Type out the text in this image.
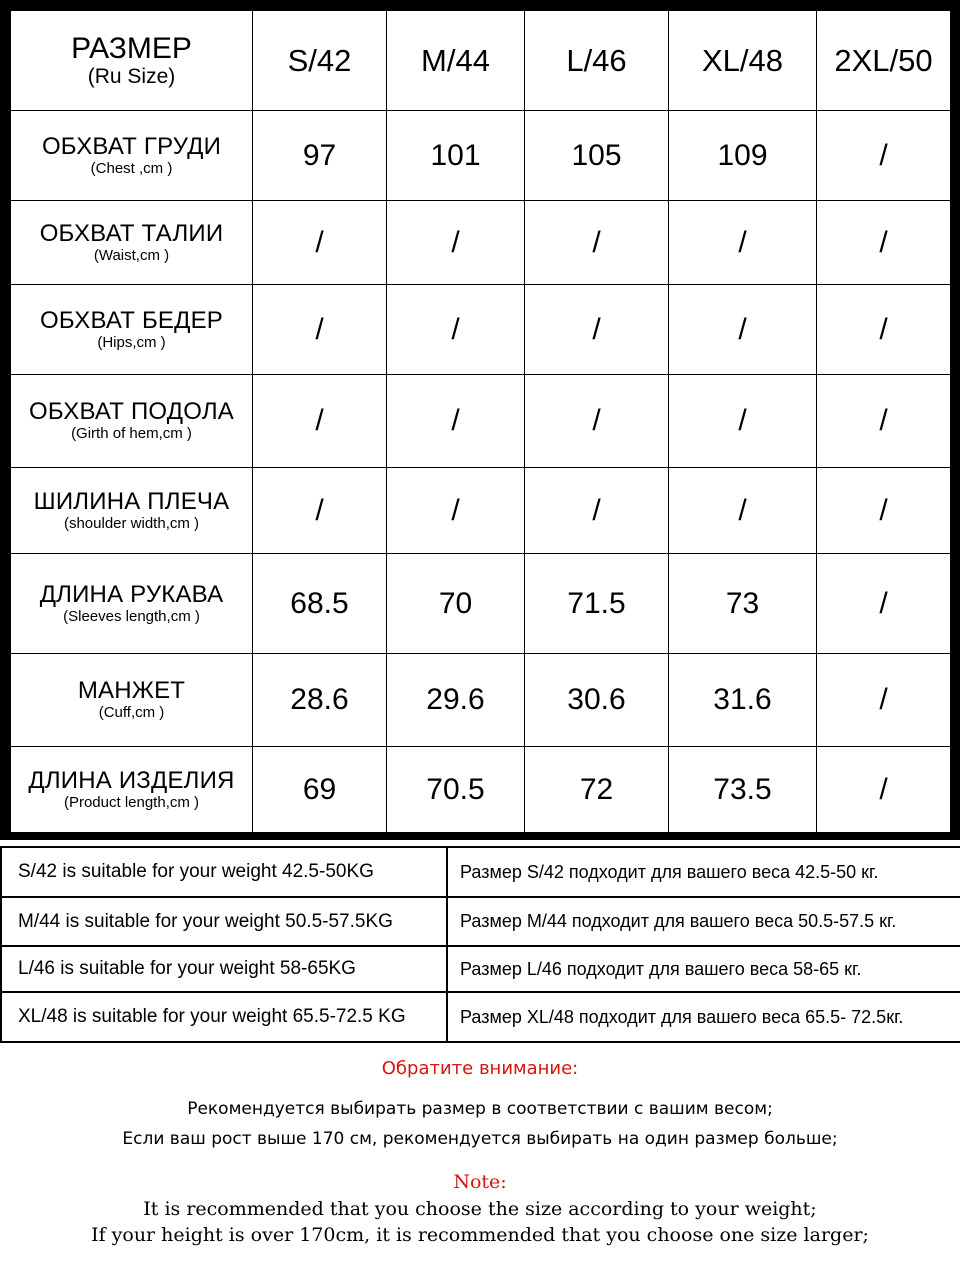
РАЗМЕР
(Ru Size)	S/42	M/44	L/46	XL/48	2XL/50

ОБХВАТ ГРУДИ
(Chest ,cm )	97	101	105	109	/

ОБХВАТ ТАЛИИ
(Waist,cm )	/	/	/	/	/

ОБХВАТ БЕДЕР
(Hips,cm )	/	/	/	/	/

ОБХВАТ ПОДОЛА
(Girth of hem,cm )	/	/	/	/	/

ШИЛИНА ПЛЕЧА
(shoulder width,cm )	/	/	/	/	/

ДЛИНА РУКАВА
(Sleeves length,cm )	68.5	70	71.5	73	/

МАНЖЕТ
(Cuff,cm )	28.6	29.6	30.6	31.6	/

ДЛИНА ИЗДЕЛИЯ
(Product length,cm )	69	70.5	72	73.5	/
S/42 is suitable for your weight 42.5-50KG	Размер S/42 подходит для вашего веса 42.5-50 кг.
M/44 is suitable for your weight 50.5-57.5KG	Размер M/44 подходит для вашего веса 50.5-57.5 кг.
L/46 is suitable for your weight 58-65KG	Размер L/46 подходит для вашего веса 58-65 кг.
XL/48 is suitable for your weight 65.5-72.5 KG	Размер XL/48 подходит для вашего веса 65.5- 72.5кг.
Обратите внимание:
Рекомендуется выбирать размер в соответствии с вашим весом;
Если ваш рост выше 170 см, рекомендуется выбирать на один размер больше;
Note:
It is recommended that you choose the size according to your weight;
If your height is over 170cm, it is recommended that you choose one size larger;
